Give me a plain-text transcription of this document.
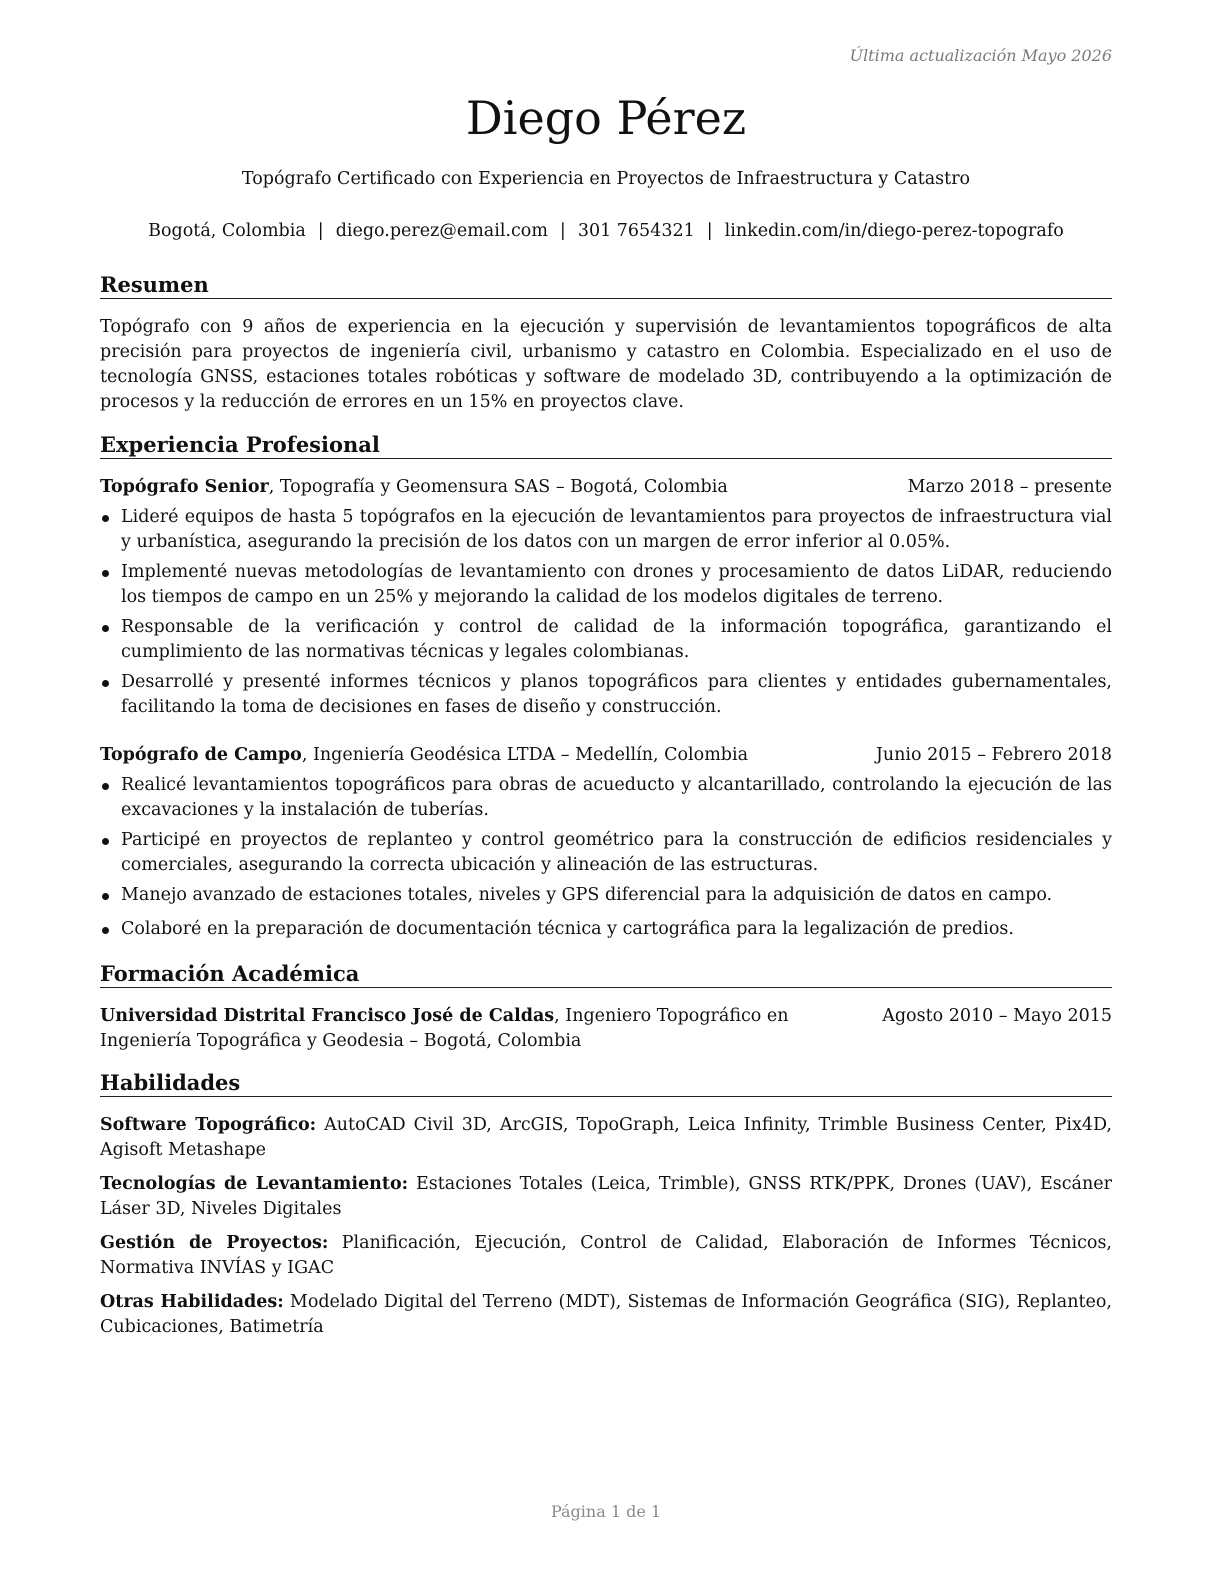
Última actualización Mayo 2026
Diego Pérez
Topógrafo Certificado con Experiencia en Proyectos de Infraestructura y Catastro
Bogotá, Colombia | diego.perez@email.com | 301 7654321 | linkedin.com/in/diego-perez-topografo
Resumen

Topógrafo con 9 años de experiencia en la ejecución y supervisión de levantamientos topográficos de alta precisión para proyectos de ingeniería civil, urbanismo y catastro en Colombia. Especializado en el uso de tecnología GNSS, estaciones totales robóticas y software de modelado 3D, contribuyendo a la optimización de procesos y la reducción de errores en un 15% en proyectos clave.

Experiencia Profesional
Topógrafo Senior, Topografía y Geomensura SAS – Bogotá, Colombia	Marzo 2018 – presente
Lideré equipos de hasta 5 topógrafos en la ejecución de levantamientos para proyectos de infraestructura vial y urbanística, asegurando la precisión de los datos con un margen de error inferior al 0.05%.
Implementé nuevas metodologías de levantamiento con drones y procesamiento de datos LiDAR, reduciendo los tiempos de campo en un 25% y mejorando la calidad de los modelos digitales de terreno.
Responsable de la verificación y control de calidad de la información topográfica, garantizando el cumplimiento de las normativas técnicas y legales colombianas.
Desarrollé y presenté informes técnicos y planos topográficos para clientes y entidades gubernamentales, facilitando la toma de decisiones en fases de diseño y construcción.
Topógrafo de Campo, Ingeniería Geodésica LTDA – Medellín, Colombia	Junio 2015 – Febrero 2018
Realicé levantamientos topográficos para obras de acueducto y alcantarillado, controlando la ejecución de las excavaciones y la instalación de tuberías.
Participé en proyectos de replanteo y control geométrico para la construcción de edificios residenciales y comerciales, asegurando la correcta ubicación y alineación de las estructuras.
Manejo avanzado de estaciones totales, niveles y GPS diferencial para la adquisición de datos en campo.
Colaboré en la preparación de documentación técnica y cartográfica para la legalización de predios.
Formación Académica
Agosto 2010 – Mayo 2015
Universidad Distrital Francisco José de Caldas, Ingeniero Topográfico en Ingeniería Topográfica y Geodesia – Bogotá, Colombia
Habilidades
Software Topográfico: AutoCAD Civil 3D, ArcGIS, TopoGraph, Leica Infinity, Trimble Business Center, Pix4D, Agisoft Metashape
Tecnologías de Levantamiento: Estaciones Totales (Leica, Trimble), GNSS RTK/PPK, Drones (UAV), Escáner Láser 3D, Niveles Digitales
Gestión de Proyectos: Planificación, Ejecución, Control de Calidad, Elaboración de Informes Técnicos, Normativa INVÍAS y IGAC
Otras Habilidades: Modelado Digital del Terreno (MDT), Sistemas de Información Geográfica (SIG), Replanteo, Cubicaciones, Batimetría
Página 1 de 1
